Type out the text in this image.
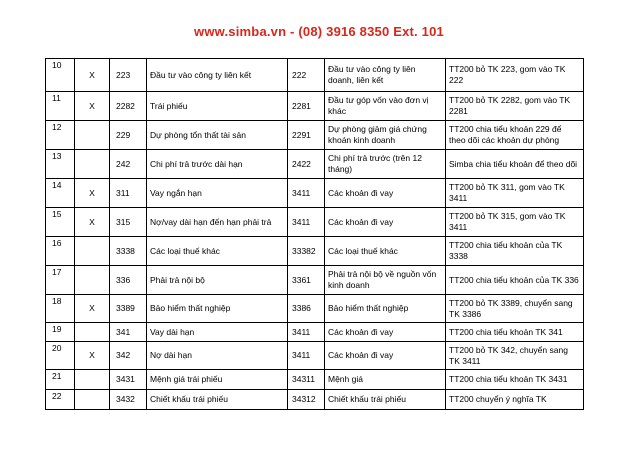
www.simba.vn - (08) 3916 8350 Ext. 101
10	X	223	Đầu tư vào công ty liên kết	222	Đầu tư vào công ty liên doanh, liên kết	TT200 bỏ TK 223, gom vào TK 222
11	X	2282	Trái phiếu	2281	Đầu tư góp vốn vào đơn vị khác	TT200 bỏ TK 2282, gom vào TK 2281
12		229	Dự phòng tổn thất tài sản	2291	Dự phòng giảm giá chứng khoán kinh doanh	TT200 chia tiểu khoản 229 để theo dõi các khoản dự phòng
13		242	Chi phí trả trước dài hạn	2422	Chi phí trả trước (trên 12 tháng)	Simba chia tiểu khoản để theo dõi
14	X	311	Vay ngắn hạn	3411	Các khoản đi vay	TT200 bỏ TK 311, gom vào TK 3411
15	X	315	Nợ/vay dài hạn đến hạn phải trả	3411	Các khoản đi vay	TT200 bỏ TK 315, gom vào TK 3411
16		3338	Các loại thuế khác	33382	Các loại thuế khác	TT200 chia tiểu khoản của TK 3338
17		336	Phải trả nội bộ	3361	Phải trả nội bộ về nguồn vốn kinh doanh	TT200 chia tiểu khoản của TK 336
18	X	3389	Bảo hiểm thất nghiệp	3386	Bảo hiểm thất nghiệp	TT200 bỏ TK 3389, chuyển sang TK 3386
19		341	Vay dài hạn	3411	Các khoản đi vay	TT200 chia tiểu khoản TK 341
20	X	342	Nợ dài hạn	3411	Các khoản đi vay	TT200 bỏ TK 342, chuyển sang TK 3411
21		3431	Mệnh giá trái phiếu	34311	Mệnh giá	TT200 chia tiểu khoản TK 3431
22		3432	Chiết khấu trái phiếu	34312	Chiết khấu trái phiếu	TT200 chuyển ý nghĩa TK
